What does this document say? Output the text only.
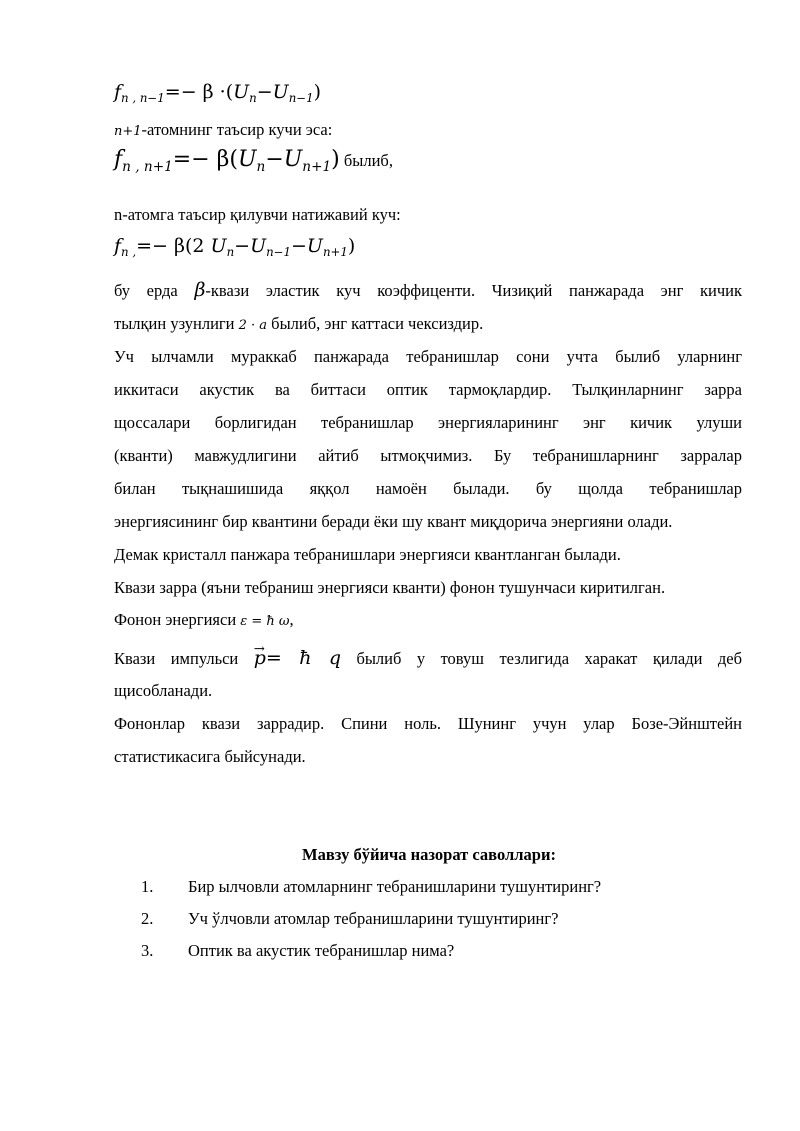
$f_{n , n-1}=- \beta \cdot(U_n-U_{n-1})$
n+1-атомнинг таъсир кучи эса:
$f_{n , n+1}=- \beta(U_n-U_{n+1})$ былиб,
n-атомга таъсир қилувчи натижавий куч:
$f_{n ,}=- \beta(2$ $U_n-U_{n-1}-U_{n+1}$)
бу ерда β-квази эластик куч коэффиценти. Чизиқий панжарада энг кичик
тылқин узунлиги 2 · a былиб, энг каттаси чексиздир.
Уч ылчамли мураккаб панжарада тебранишлар сони учта былиб уларнинг
иккитаси акустик ва биттаси оптик тармоқлардир. Тылқинларнинг зарра
щоссалари борлигидан тебранишлар энергияларининг энг кичик улуши
(кванти) мавжудлигини айтиб ытмоқчимиз. Бу тебранишларнинг зарралар
билан тықнашишида яққол намоён былади. бу щолда тебранишлар
энергиясининг бир квантини беради ёки шу квант миқдорича энергияни олади.
Демак кристалл панжара тебранишлари энергияси квантланган былади.
Квази зарра (яъни тебраниш энергияси кванти) фонон тушунчаси киритилган.
Фонон энергияси ε = ħ ω,
Квази импульси → p= ħ q былиб у товуш тезлигида харакат қилади деб
щисобланади.
Фононлар квази заррадир. Спини ноль. Шунинг учун улар Бозе-Эйнштейн
статистикасига быйсунади.
Мавзу бўйича назорат саволлари:
1. Бир ылчовли атомларнинг тебранишларини тушунтиринг?
2. Уч ўлчовли атомлар тебранишларини тушунтиринг?
3. Оптик ва акустик тебранишлар нима?
